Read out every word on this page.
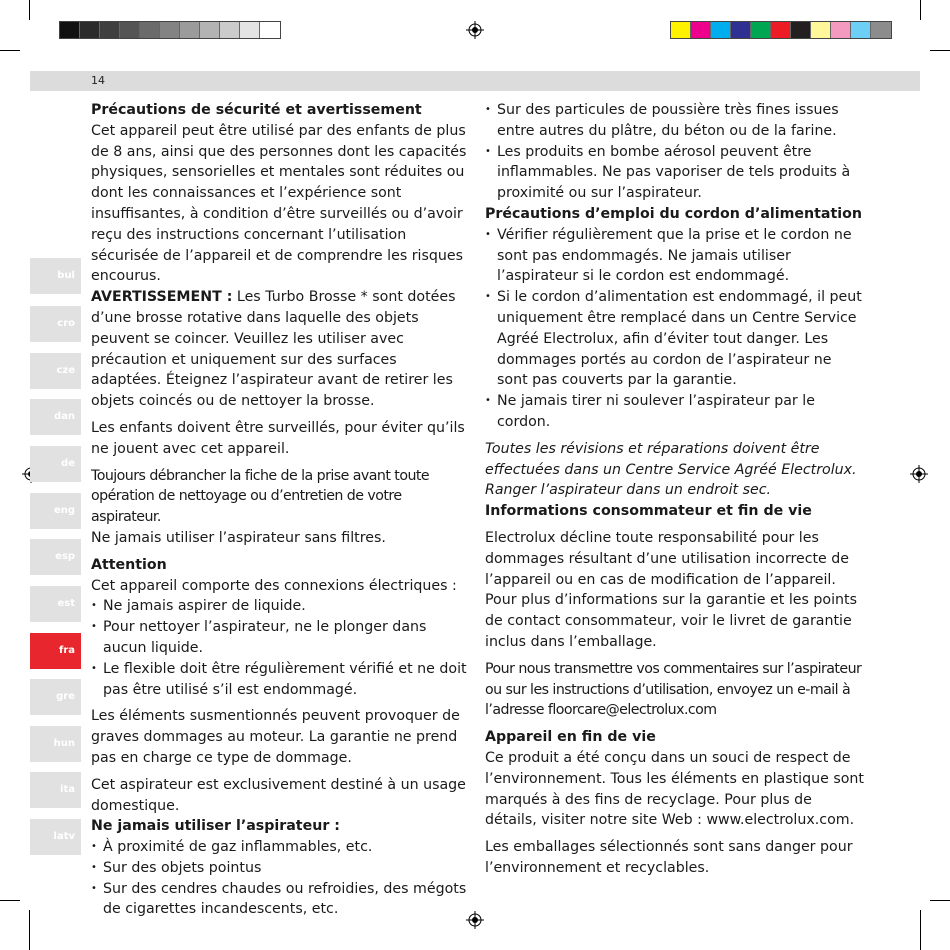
14
bul
cro
cze
dan
de
eng
esp
est
fra
gre
hun
ita
latv
Précautions de sécurité et avertissement

Cet appareil peut être utilisé par des enfants de plus de 8 ans, ainsi que des personnes dont les capacités physiques, sensorielles et mentales sont réduites ou dont les connaissances et l’expérience sont insuffisantes, à condition d’être surveillés ou d’avoir reçu des instructions concernant l’utilisation sécurisée de l’appareil et de comprendre les risques encourus.

AVERTISSEMENT : Les Turbo Brosse * sont dotées d’une brosse rotative dans laquelle des objets peuvent se coincer. Veuillez les utiliser avec précaution et uniquement sur des surfaces adaptées. Éteignez l’aspirateur avant de retirer les objets coincés ou de nettoyer la brosse.

Les enfants doivent être surveillés, pour éviter qu’ils ne jouent avec cet appareil.

Toujours débrancher la fiche de la prise avant toute opération de nettoyage ou d’entretien de votre aspirateur.

Ne jamais utiliser l’aspirateur sans filtres.

Attention

Cet appareil comporte des connexions électriques :

• Ne jamais aspirer de liquide.
• Pour nettoyer l’aspirateur, ne le plonger dans aucun liquide.
• Le flexible doit être régulièrement vérifié et ne doit pas être utilisé s’il est endommagé.

Les éléments susmentionnés peuvent provoquer de graves dommages au moteur. La garantie ne prend pas en charge ce type de dommage.

Cet aspirateur est exclusivement destiné à un usage domestique.

Ne jamais utiliser l’aspirateur :
• À proximité de gaz inflammables, etc.
• Sur des objets pointus
• Sur des cendres chaudes ou refroidies, des mégots de cigarettes incandescents, etc.
• Sur des particules de poussière très fines issues entre autres du plâtre, du béton ou de la farine.
• Les produits en bombe aérosol peuvent être inflammables. Ne pas vaporiser de tels produits à proximité ou sur l’aspirateur.
Précautions d’emploi du cordon d’alimentation
• Vérifier régulièrement que la prise et le cordon ne sont pas endommagés. Ne jamais utiliser l’aspirateur si le cordon est endommagé.
• Si le cordon d’alimentation est endommagé, il peut uniquement être remplacé dans un Centre Service Agréé Electrolux, afin d’éviter tout danger. Les dommages portés au cordon de l’aspirateur ne sont pas couverts par la garantie.
• Ne jamais tirer ni soulever l’aspirateur par le cordon.

Toutes les révisions et réparations doivent être effectuées dans un Centre Service Agréé Electrolux. Ranger l’aspirateur dans un endroit sec.

Informations consommateur et fin de vie

Electrolux décline toute responsabilité pour les dommages résultant d’une utilisation incorrecte de l’appareil ou en cas de modification de l’appareil. Pour plus d’informations sur la garantie et les points de contact consommateur, voir le livret de garantie inclus dans l’emballage.

Pour nous transmettre vos commentaires sur l’aspirateur ou sur les instructions d’utilisation, envoyez un e-mail à l’adresse floorcare@electrolux.com

Appareil en fin de vie

Ce produit a été conçu dans un souci de respect de l’environnement. Tous les éléments en plastique sont marqués à des fins de recyclage. Pour plus de détails, visiter notre site Web : www.electrolux.com.

Les emballages sélectionnés sont sans danger pour l’environnement et recyclables.
